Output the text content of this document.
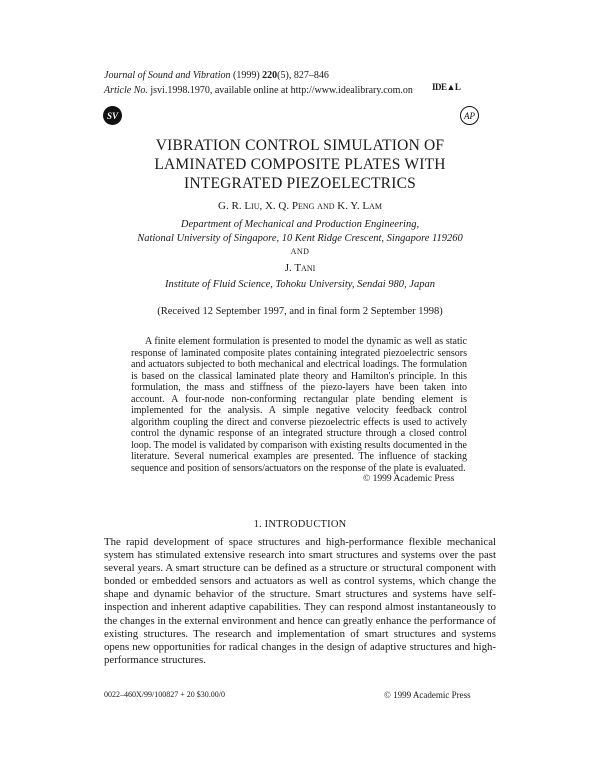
Journal of Sound and Vibration (1999) 220(5), 827–846
Article No. jsvi.1998.1970, available online at http://www.idealibrary.com.on IDE▲L
SV	AP
VIBRATION CONTROL SIMULATION OF
LAMINATED COMPOSITE PLATES WITH
INTEGRATED PIEZOELECTRICS
G. R. Liu, X. Q. Peng and K. Y. Lam
Department of Mechanical and Production Engineering,
National University of Singapore, 10 Kent Ridge Crescent, Singapore 119260
AND
J. Tani
Institute of Fluid Science, Tohoku University, Sendai 980, Japan
(Received 12 September 1997, and in final form 2 September 1998)
A finite element formulation is presented to model the dynamic as well as static response of laminated composite plates containing integrated piezoelectric sensors and actuators subjected to both mechanical and electrical loadings. The formulation is based on the classical laminated plate theory and Hamilton's principle. In this formulation, the mass and stiffness of the piezo-layers have been taken into account. A four-node non-conforming rectangular plate bending element is implemented for the analysis. A simple negative velocity feedback control algorithm coupling the direct and converse piezoelectric effects is used to actively control the dynamic response of an integrated structure through a closed control loop. The model is validated by comparison with existing results documented in the literature. Several numerical examples are presented. The influence of stacking sequence and position of sensors/actuators on the response of the plate is evaluated.
© 1999 Academic Press
1. INTRODUCTION
The rapid development of space structures and high-performance flexible mechanical system has stimulated extensive research into smart structures and systems over the past several years. A smart structure can be defined as a structure or structural component with bonded or embedded sensors and actuators as well as control systems, which change the shape and dynamic behavior of the structure. Smart structures and systems have self-inspection and inherent adaptive capabilities. They can respond almost instantaneously to the changes in the external environment and hence can greatly enhance the performance of existing structures. The research and implementation of smart structures and systems opens new opportunities for radical changes in the design of adaptive structures and high-performance structures.
0022–460X/99/100827 + 20 $30.00/0	© 1999 Academic Press
